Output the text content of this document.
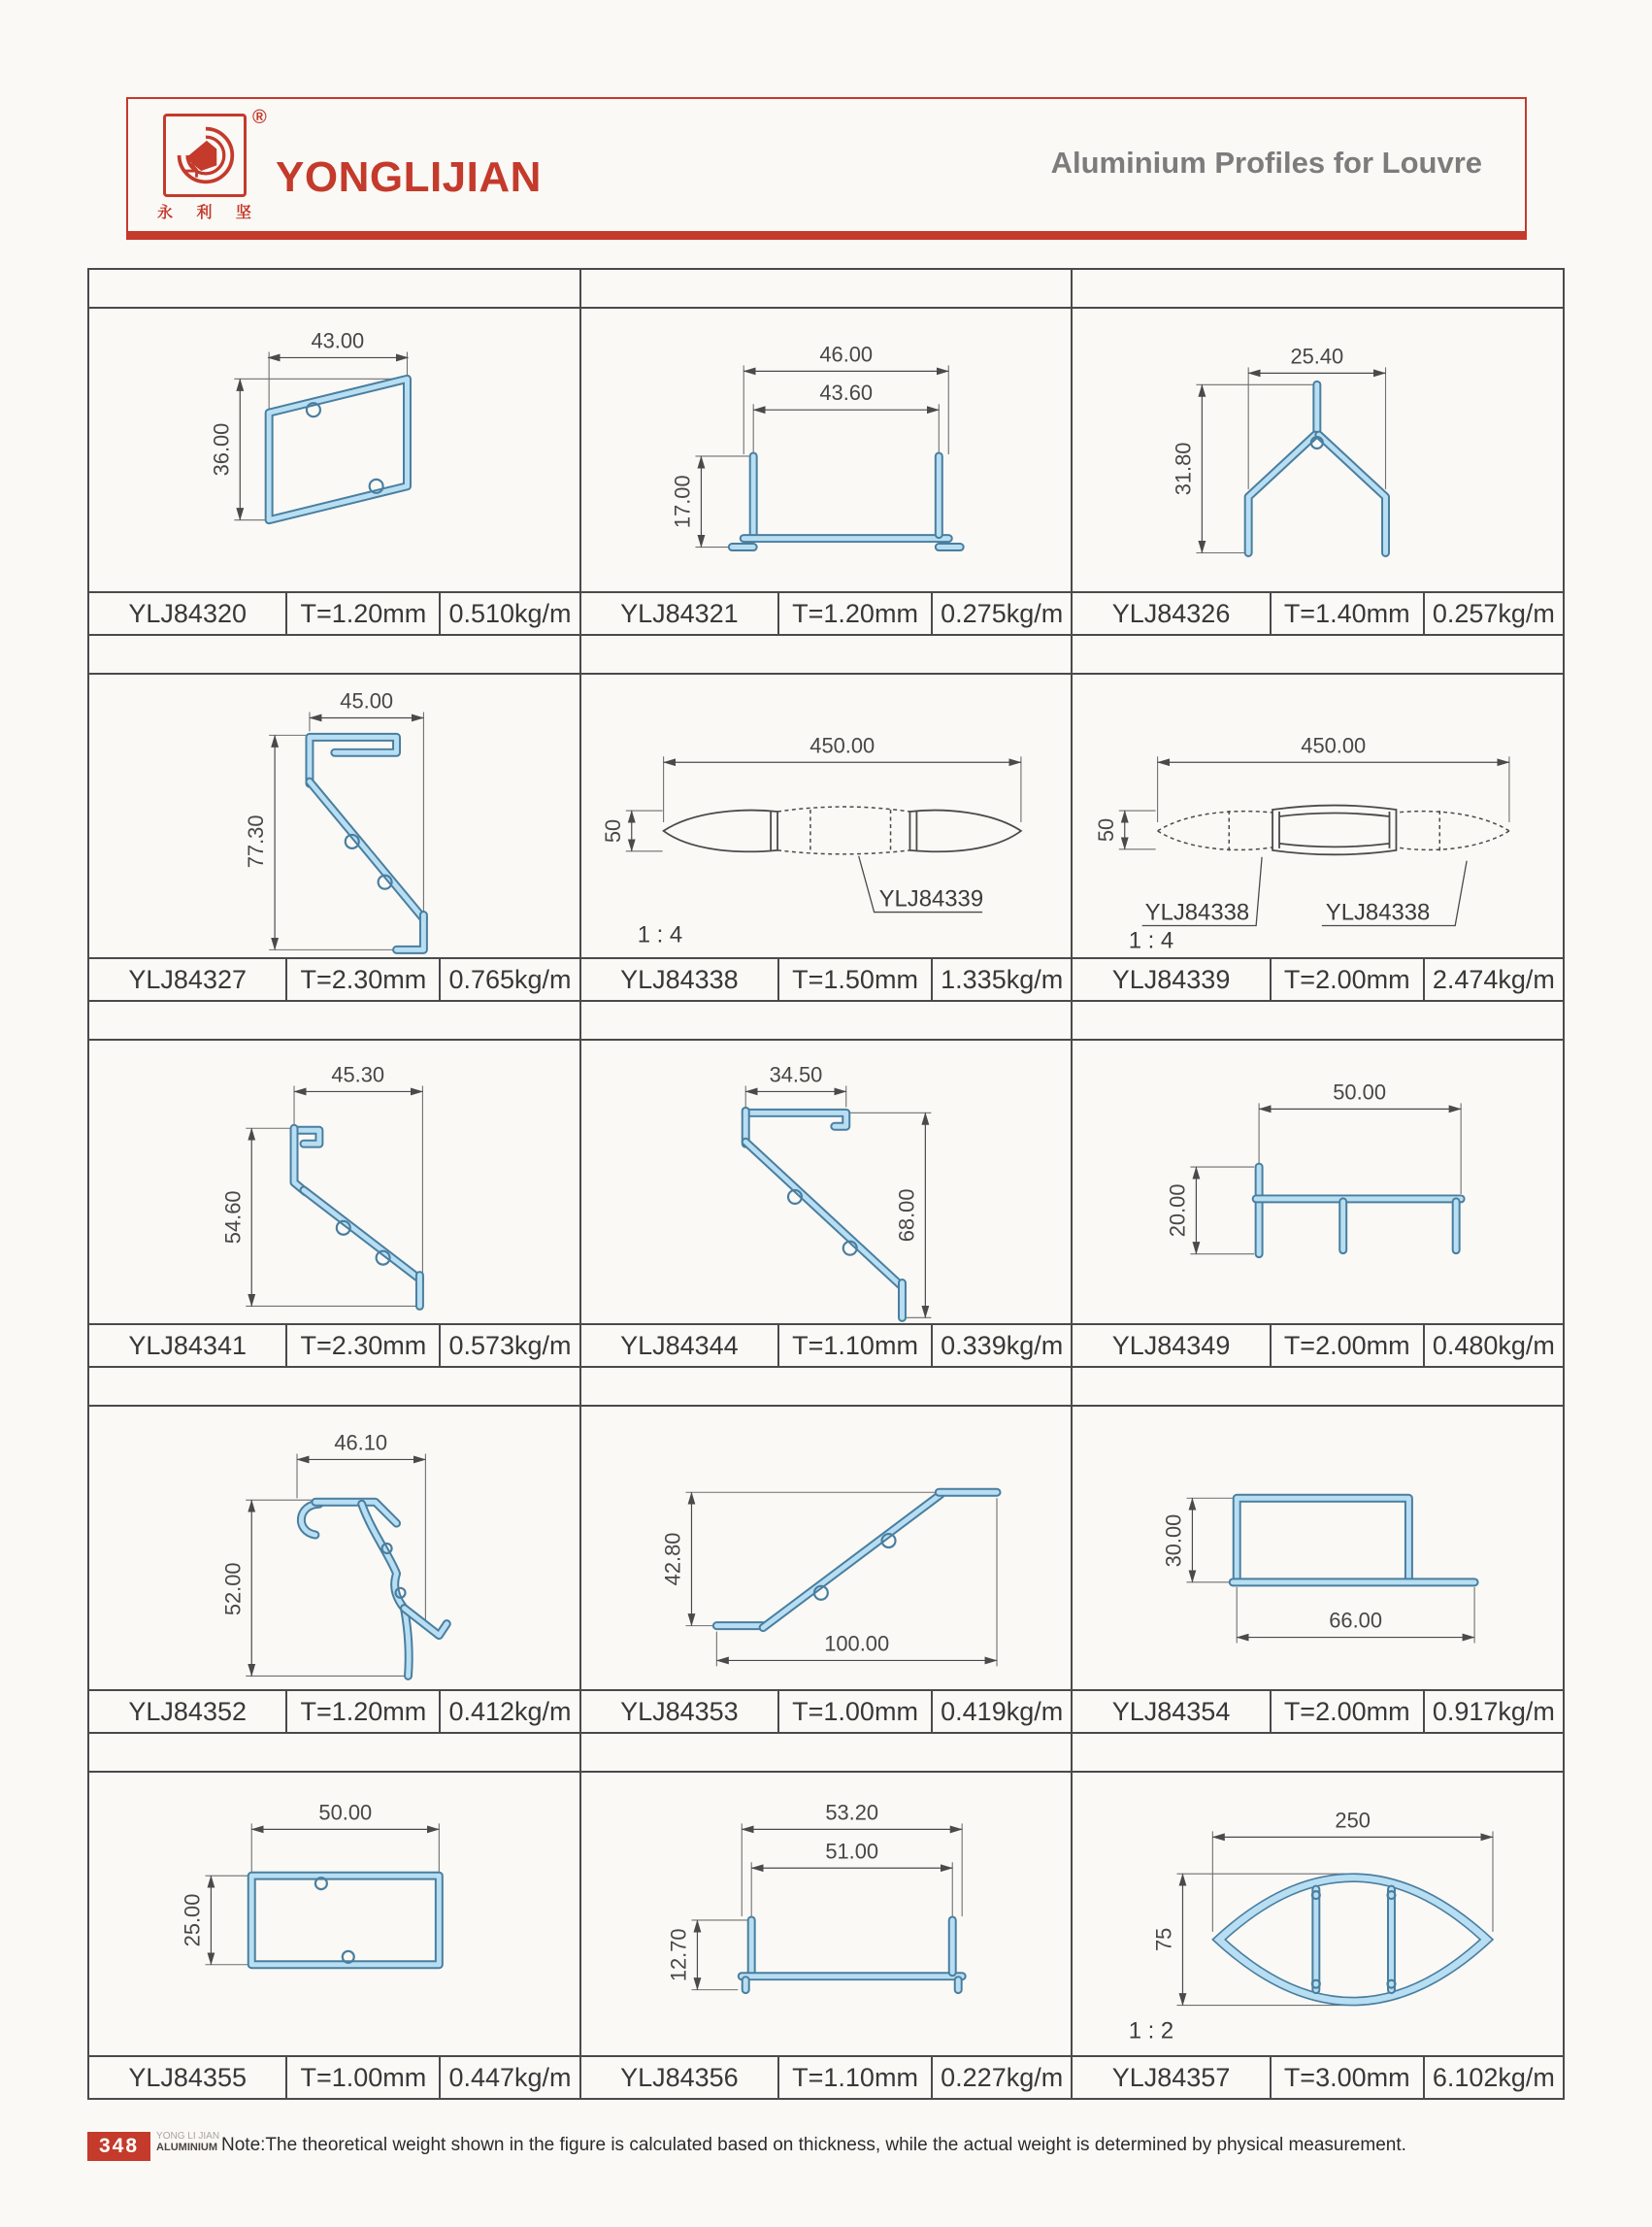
®
永 利 坚
YONGLIJIAN	Aluminium Profiles for Louvre
43.00
36.00
YLJ84320	T=1.20mm 0.510kg/m
46.00
43.60
17.00
YLJ84321	T=1.20mm 0.275kg/m
25.40
31.80
YLJ84326	T=1.40mm 0.257kg/m
45.00
77.30
YLJ84327	T=2.30mm 0.765kg/m
450.00
50
YLJ84339
1 : 4
YLJ84338	T=1.50mm 1.335kg/m
450.00
50
YLJ84338	YLJ84338
1 : 4
YLJ84339	T=2.00mm 2.474kg/m
45.30
54.60
YLJ84341	T=2.30mm 0.573kg/m
34.50
68.00
YLJ84344	T=1.10mm 0.339kg/m
50.00
20.00
YLJ84349	T=2.00mm 0.480kg/m
46.10
52.00
YLJ84352	T=1.20mm 0.412kg/m
42.80
100.00
YLJ84353	T=1.00mm 0.419kg/m
30.00
66.00
YLJ84354	T=2.00mm 0.917kg/m
50.00
25.00
YLJ84355	T=1.00mm 0.447kg/m
53.20
51.00
12.70
YLJ84356	T=1.10mm 0.227kg/m
250
75
1 : 2
YLJ84357	T=3.00mm 6.102kg/m
348	YONG LI JIAN
ALUMINIUM Note:The theoretical weight shown in the figure is calculated based on thickness, while the actual weight is determined by physical measurement.
